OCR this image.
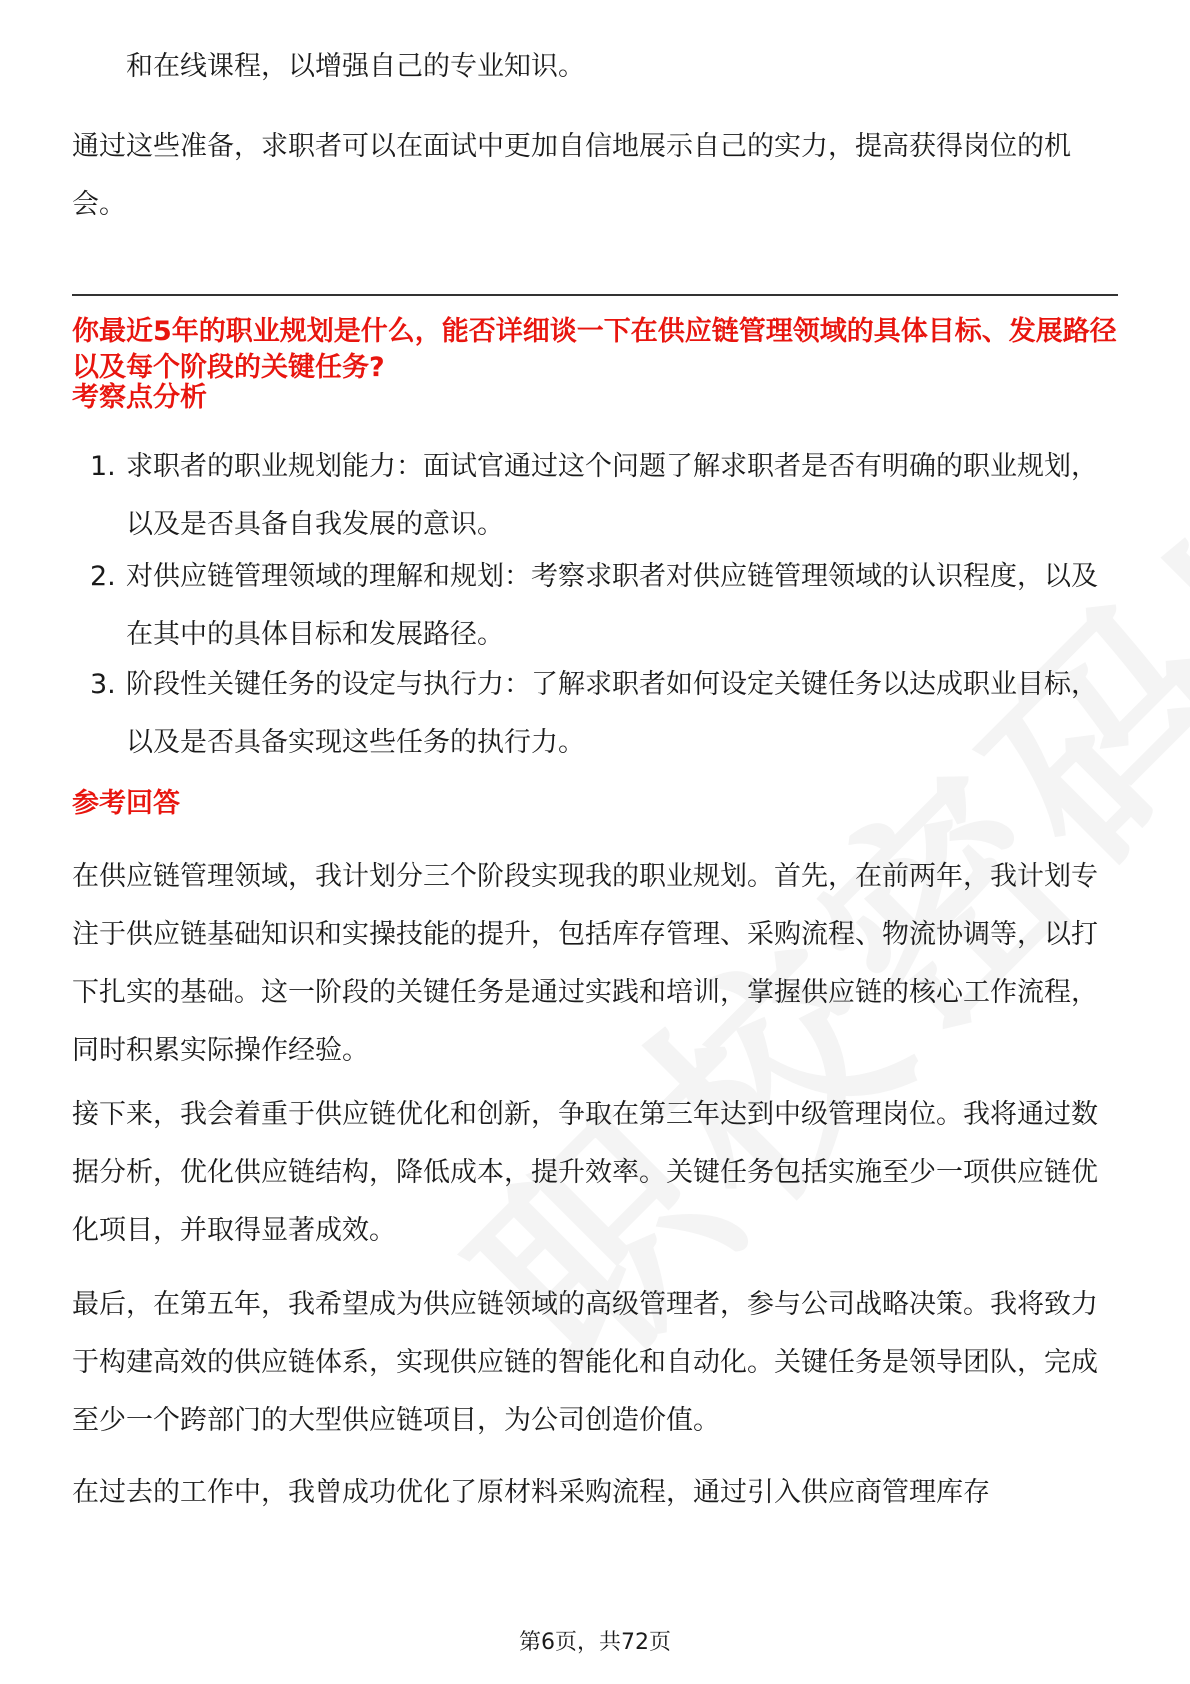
和在线课程，以增强自己的专业知识。

通过这些准备，求职者可以在面试中更加自信地展示自己的实力，提高获得岗位的机会。

你最近5年的职业规划是什么，能否详细谈一下在供应链管理领域的具体目标、发展路径以及每个阶段的关键任务?

考察点分析

1. 求职者的职业规划能力：面试官通过这个问题了解求职者是否有明确的职业规划，以及是否具备自我发展的意识。
2. 对供应链管理领域的理解和规划：考察求职者对供应链管理领域的认识程度，以及在其中的具体目标和发展路径。
3. 阶段性关键任务的设定与执行力：了解求职者如何设定关键任务以达成职业目标，以及是否具备实现这些任务的执行力。

参考回答

在供应链管理领域，我计划分三个阶段实现我的职业规划。首先，在前两年，我计划专注于供应链基础知识和实操技能的提升，包括库存管理、采购流程、物流协调等，以打下扎实的基础。这一阶段的关键任务是通过实践和培训，掌握供应链的核心工作流程，同时积累实际操作经验。

接下来，我会着重于供应链优化和创新，争取在第三年达到中级管理岗位。我将通过数据分析，优化供应链结构，降低成本，提升效率。关键任务包括实施至少一项供应链优化项目，并取得显著成效。

最后，在第五年，我希望成为供应链领域的高级管理者，参与公司战略决策。我将致力于构建高效的供应链体系，实现供应链的智能化和自动化。关键任务是领导团队，完成至少一个跨部门的大型供应链项目，为公司创造价值。

在过去的工作中，我曾成功优化了原材料采购流程，通过引入供应商管理库存

第6页，共72页
